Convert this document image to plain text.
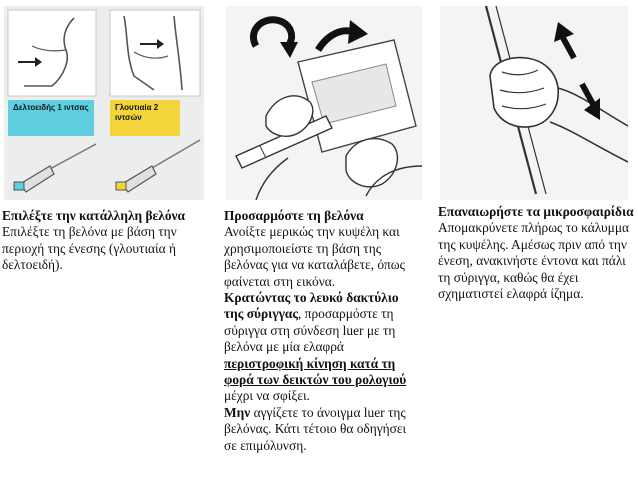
Δελτοειδής 1 ιντσας	Γλουτιαία 2 ιντσών

Επιλέξτε την κατάλληλη βελόνα

Επιλέξτε τη βελόνα με βάση την περιοχή της ένεσης (γλουτιαία ή δελτοειδή).

Προσαρμόστε τη βελόνα

Ανοίξτε μερικώς την κυψέλη και χρησιμοποιείστε τη βάση της βελόνας για να καταλάβετε, όπως φαίνεται στη εικόνα.

Κρατώντας το λευκό δακτύλιο της σύριγγας, προσαρμόστε τη σύριγγα στη σύνδεση luer με τη βελόνα με μία ελαφρά περιστροφική κίνηση κατά τη φορά των δεικτών του ρολογιού μέχρι να σφίξει.

Μην αγγίζετε το άνοιγμα luer της βελόνας. Κάτι τέτοιο θα οδηγήσει σε επιμόλυνση.

Επαναιωρήστε τα μικροσφαιρίδια

Απομακρύνετε πλήρως το κάλυμμα της κυψέλης. Αμέσως πριν από την ένεση, ανακινήστε έντονα και πάλι τη σύριγγα, καθώς θα έχει σχηματιστεί ελαφρά ίζημα.
